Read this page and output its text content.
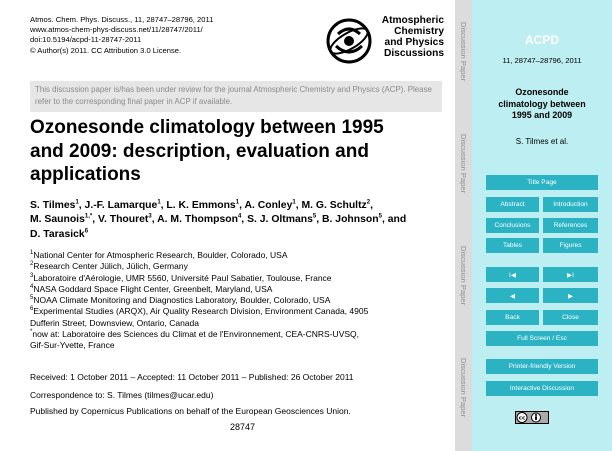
Atmos. Chem. Phys. Discuss., 11, 28747–28796, 2011
www.atmos-chem-phys-discuss.net/11/28747/2011/
doi:10.5194/acpd-11-28747-2011
© Author(s) 2011. CC Attribution 3.0 License.
Atmospheric
Chemistry
and Physics
Discussions
This discussion paper is/has been under review for the journal Atmospheric Chemistry and Physics (ACP). Please refer to the corresponding final paper in ACP if available.
Ozonesonde climatology between 1995
and 2009: description, evaluation and
applications
S. Tilmes$^1$, J.-F. Lamarque$^1$, L. K. Emmons$^1$, A. Conley$^1$, M. G. Schultz$^2$,
M. Saunois$^{1,*}$, V. Thouret$^3$, A. M. Thompson$^4$, S. J. Oltmans$^5$, B. Johnson$^5$, and
D. Tarasick$^6$
$^1$National Center for Atmospheric Research, Boulder, Colorado, USA
$^2$Research Center Jülich, Jülich, Germany
$^3$Laboratoire d'Aérologie, UMR 5560, Université Paul Sabatier, Toulouse, France
$^4$NASA Goddard Space Flight Center, Greenbelt, Maryland, USA
$^5$NOAA Climate Monitoring and Diagnostics Laboratory, Boulder, Colorado, USA
$^6$Experimental Studies (ARQX), Air Quality Research Division, Environment Canada, 4905
Dufferin Street, Downsview, Ontario, Canada
*now at: Laboratoire des Sciences du Climat et de l'Environnement, CEA-CNRS-UVSQ,
Gif-Sur-Yvette, France
Received: 1 October 2011 – Accepted: 11 October 2011 – Published: 26 October 2011
Correspondence to: S. Tilmes (tilmes@ucar.edu)
Published by Copernicus Publications on behalf of the European Geosciences Union.
28747
Discussion Paper
Discussion Paper
Discussion Paper
Discussion Paper
ACPD
11, 28747–28796, 2011
Ozonesonde
climatology between
1995 and 2009
S. Tilmes et al.
Title Page
Abstract	Introduction
Conclusions	References
Tables	Figures
I◀	▶I
◀	▶
Back	Close
Full Screen / Esc
Printer-friendly Version
Interactive Discussion
cc
